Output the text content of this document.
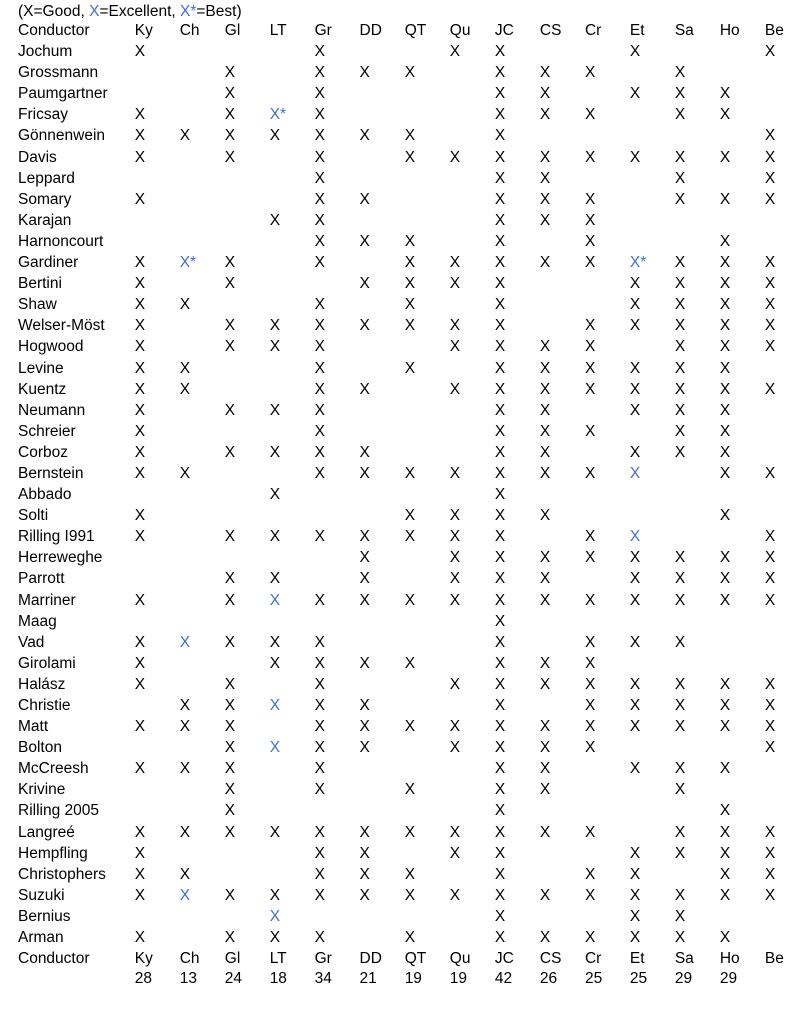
(X=Good, X=Excellent, X*=Best)
Conductor	Ky	Ch	Gl	LT	Gr	DD	QT	Qu	JC	CS	Cr	Et	Sa	Ho	Be
Jochum	X				X			X	X			X			X
Grossmann			X		X	X	X		X	X	X		X		
Paumgartner			X		X				X	X		X	X	X	
Fricsay	X		X	X*	X				X	X	X		X	X	
Gönnenwein	X	X	X	X	X	X	X		X						X
Davis	X		X		X		X	X	X	X	X	X	X	X	X
Leppard					X				X	X			X		X
Somary	X				X	X			X	X	X		X	X	X
Karajan				X	X				X	X	X				
Harnoncourt					X	X	X		X		X			X	
Gardiner	X	X*	X		X		X	X	X	X	X	X*	X	X	X
Bertini	X		X			X	X	X	X			X	X	X	X
Shaw	X	X			X		X		X			X	X	X	X
Welser-Möst	X		X	X	X	X	X	X	X		X	X	X	X	X
Hogwood	X		X	X	X			X	X	X	X		X	X	X
Levine	X	X			X		X		X	X	X	X	X	X	
Kuentz	X	X			X	X		X	X	X	X	X	X	X	X
Neumann	X		X	X	X				X	X		X	X	X	
Schreier	X				X				X	X	X		X	X	
Corboz	X		X	X	X	X			X	X		X	X	X	
Bernstein	X	X			X	X	X	X	X	X	X	X		X	X
Abbado				X					X						
Solti	X						X	X	X	X				X	
Rilling I991	X		X	X	X	X	X	X	X		X	X			X
Herreweghe						X		X	X	X	X	X	X	X	X
Parrott			X	X		X		X	X	X		X	X	X	X
Marriner	X		X	X	X	X	X	X	X	X	X	X	X	X	X
Maag									X						
Vad	X	X	X	X	X				X		X	X	X		
Girolami	X			X	X	X	X		X	X	X				
Halász	X		X		X			X	X	X	X	X	X	X	X
Christie		X	X	X	X	X			X		X	X	X	X	X
Matt	X	X	X		X	X	X	X	X	X	X	X	X	X	X
Bolton			X	X	X	X		X	X	X	X				X
McCreesh	X	X	X		X				X	X		X	X	X	
Krivine			X		X		X		X	X			X		
Rilling 2005			X						X					X	
Langreé	X	X	X	X	X	X	X	X	X	X	X		X	X	X
Hempfling	X				X	X		X	X			X	X	X	X
Christophers	X	X			X	X	X		X		X	X		X	X
Suzuki	X	X	X	X	X	X	X	X	X	X	X	X	X	X	X
Bernius				X					X			X	X		
Arman	X		X	X	X		X		X	X	X	X	X	X	
Conductor	Ky	Ch	Gl	LT	Gr	DD	QT	Qu	JC	CS	Cr	Et	Sa	Ho	Be
	28	13	24	18	34	21	19	19	42	26	25	25	29	29	
